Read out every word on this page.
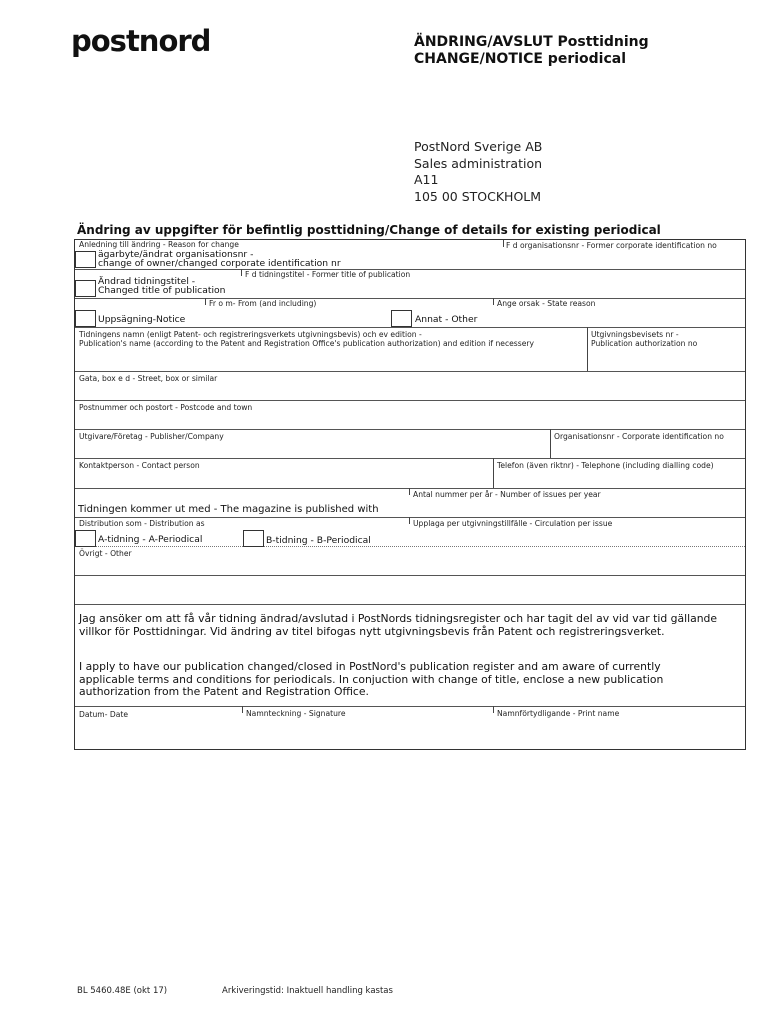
postnord	ÄNDRING/AVSLUT Posttidning
CHANGE/NOTICE periodical
PostNord Sverige AB
Sales administration
A11
105 00 STOCKHOLM
Ändring av uppgifter för befintlig posttidning/Change of details for existing periodical
Anledning till ändring - Reason for change	F d organisationsnr - Former corporate identification no
ägarbyte/ändrat organisationsnr -
change of owner/changed corporate identification nr
F d tidningstitel - Former title of publication
Ändrad tidningstitel -
Changed title of publication
Fr o m- From (and including)	Ange orsak - State reason
Uppsägning-Notice	Annat - Other
Tidningens namn (enligt Patent- och registreringsverkets utgivningsbevis) och ev edition -
Publication's name (according to the Patent and Registration Office's publication authorization) and edition if necessery
Utgivningsbevisets nr -
Publication authorization no
Gata, box e d - Street, box or similar
Postnummer och postort - Postcode and town
Utgivare/Företag - Publisher/Company	Organisationsnr - Corporate identification no
Kontaktperson - Contact person	Telefon (även riktnr) - Telephone (including dialling code)
Antal nummer per år - Number of issues per year
Tidningen kommer ut med - The magazine is published with
Distribution som - Distribution as	Upplaga per utgivningstillfälle - Circulation per issue
A-tidning - A-Periodical	B-tidning - B-Periodical
Övrigt - Other
Jag ansöker om att få vår tidning ändrad/avslutad i PostNords tidningsregister och har tagit del av vid var tid gällande villkor för Posttidningar. Vid ändring av titel bifogas nytt utgivningsbevis från Patent och registreringsverket.
I apply to have our publication changed/closed in PostNord's publication register and am aware of currently applicable terms and conditions for periodicals. In conjuction with change of title, enclose a new publication authorization from the Patent and Registration Office.
Datum- Date	Namnteckning - Signature	Namnförtydligande - Print name
BL 5460.48E (okt 17)	Arkiveringstid: Inaktuell handling kastas
